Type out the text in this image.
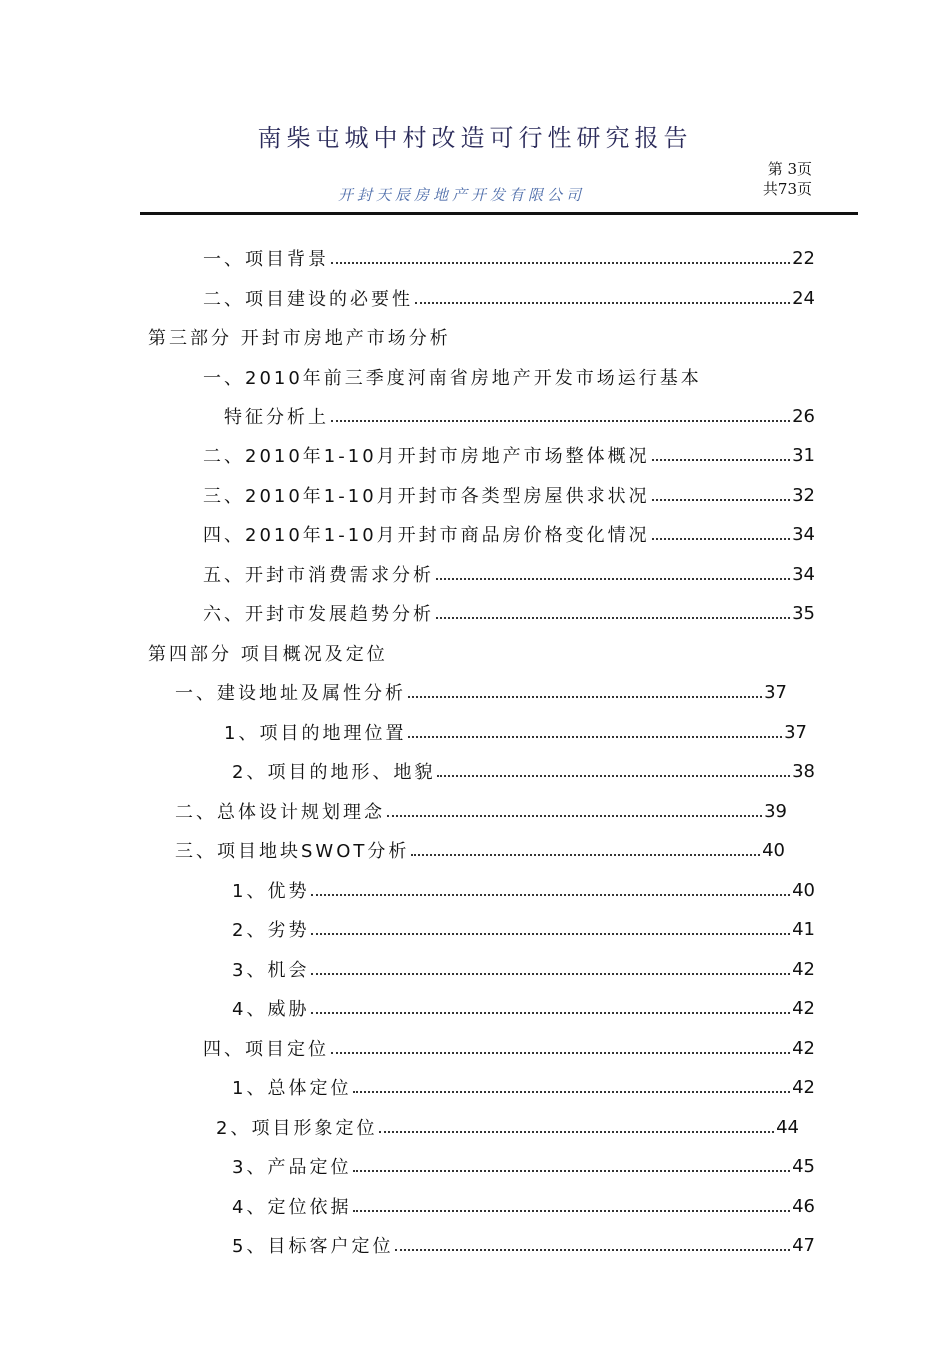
南柴屯城中村改造可行性研究报告
第 3页
共73页
开封天辰房地产开发有限公司
一、项目背景	22
二、项目建设的必要性	24
第三部分 开封市房地产市场分析
一、2010年前三季度河南省房地产开发市场运行基本
特征分析上	26
二、2010年1-10月开封市房地产市场整体概况	31
三、2010年1-10月开封市各类型房屋供求状况	32
四、2010年1-10月开封市商品房价格变化情况	34
五、开封市消费需求分析	34
六、开封市发展趋势分析	35
第四部分 项目概况及定位
一、建设地址及属性分析	37
1、项目的地理位置	37
2、项目的地形、地貌	38
二、总体设计规划理念	39
三、项目地块SWOT分析	40
1、优势	40
2、劣势	41
3、机会	42
4、威胁	42
四、项目定位	42
1、总体定位	42
2、项目形象定位	44
3、产品定位	45
4、定位依据	46
5、目标客户定位	47
